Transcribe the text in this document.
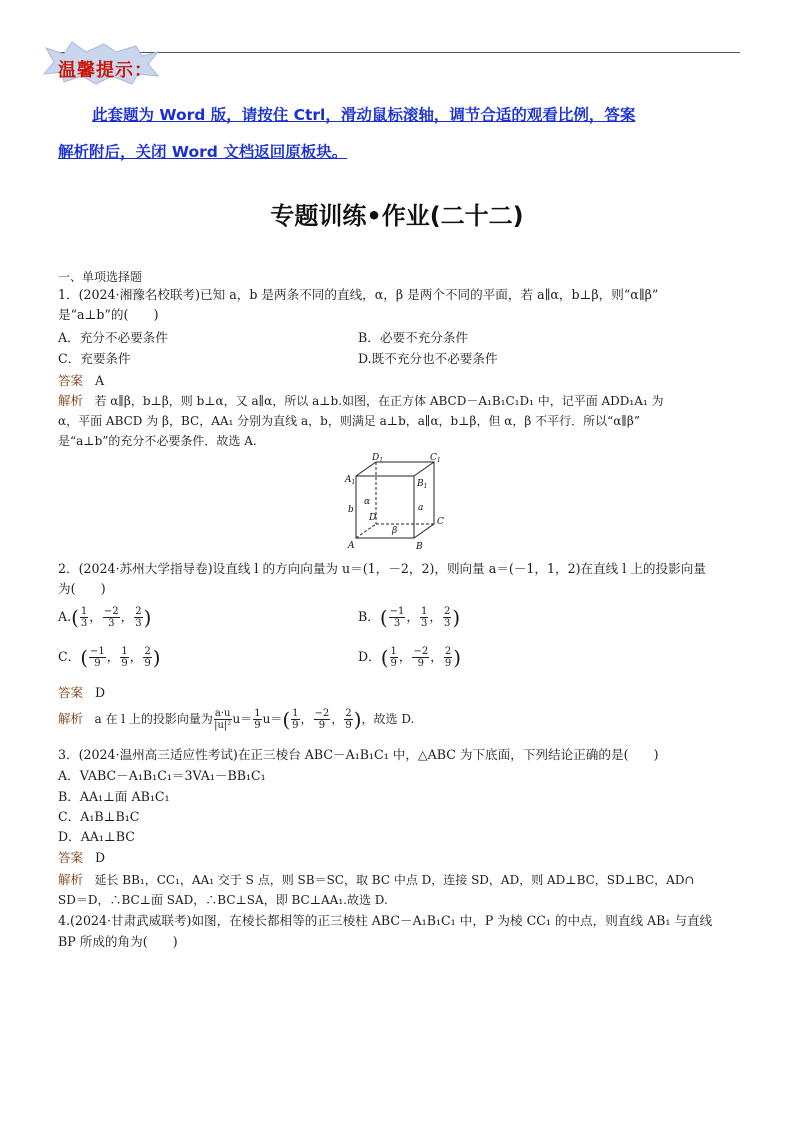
温馨提示：
此套题为 Word 版，请按住 Ctrl，滑动鼠标滚轴，调节合适的观看比例，答案
解析附后，关闭 Word 文档返回原板块。
专题训练•作业(二十二)
一、单项选择题
1．(2024·湘豫名校联考)已知 a，b 是两条不同的直线，α，β 是两个不同的平面，若 a∥α，b⊥β，则“α∥β”
是“a⊥b”的(　　)
A．充分不必要条件	B．必要不充分条件
C．充要条件	D.既不充分也不必要条件
答案 A
解析 若 α∥β，b⊥β，则 b⊥α，又 a∥α，所以 a⊥b.如图，在正方体 ABCD－A₁B₁C₁D₁ 中，记平面 ADD₁A₁ 为
α，平面 ABCD 为 β，BC，AA₁ 分别为直线 a，b，则满足 a⊥b，a∥α，b⊥β，但 α，β 不平行．所以“α∥β”
是“a⊥b”的充分不必要条件．故选 A.
$D_1$	$C_1$
$A_1$	$B_1$
D	C
A	B
b	a
α
β
2．(2024·苏州大学指导卷)设直线 l 的方向向量为 u＝(1，－2，2)，则向量 a＝(－1，1，2)在直线 l 上的投影向量
为(　　)
$A.( \frac{1}{3}$ ， $\frac{-2}{3}$ ， $\frac{2}{3}$ )	B．( $\frac{-1}{3}$ ， $\frac{1}{3}$ ， $\frac{2}{3}$ )
C．( $\frac{-1}{9}$ ， $\frac{1}{9}$ ， $\frac{2}{9}$ )	D．( $\frac{1}{9}$ ， $\frac{-2}{9}$ ， $\frac{2}{9}$ )
答案 D
解析 a 在 l 上的投影向量为 $\frac{a\cdot u}{\text{|u|²}} u= \frac{1}{9} u=( \frac{1}{9}$ ， $\frac{-2}{9}$ ， $\frac{2}{9}$ )，故选 D.
3．(2024·温州高三适应性考试)在正三棱台 ABC－A₁B₁C₁ 中，△ABC 为下底面，下列结论正确的是(　　)
A．VABC－A₁B₁C₁＝3VA₁－BB₁C₁
B．AA₁⊥面 AB₁C₁
C．A₁B⊥B₁C
D．AA₁⊥BC
答案 D
解析 延长 BB₁，CC₁，AA₁ 交于 S 点，则 SB＝SC，取 BC 中点 D，连接 SD，AD，则 AD⊥BC，SD⊥BC，AD∩
SD＝D，∴BC⊥面 SAD，∴BC⊥SA，即 BC⊥AA₁.故选 D.
4.(2024·甘肃武威联考)如图，在棱长都相等的正三棱柱 ABC－A₁B₁C₁ 中，P 为棱 CC₁ 的中点，则直线 AB₁ 与直线
BP 所成的角为(　　)
